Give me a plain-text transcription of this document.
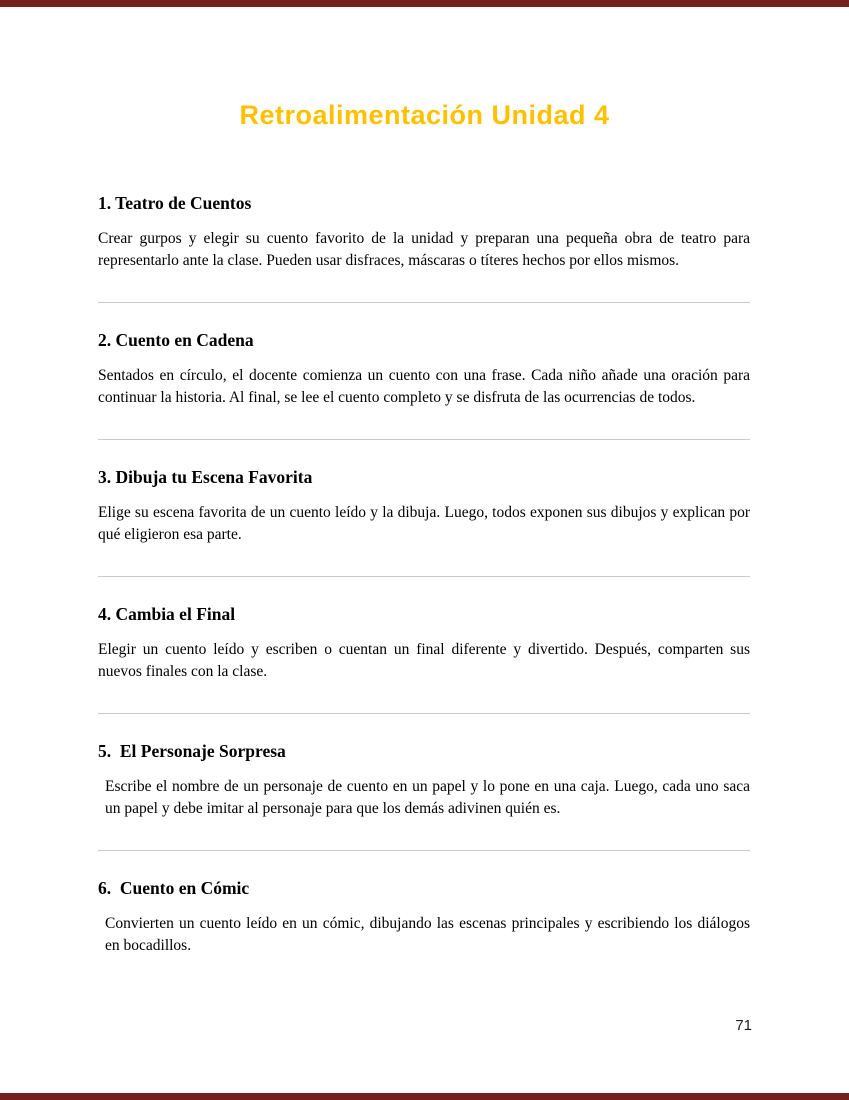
Retroalimentación Unidad 4
1. Teatro de Cuentos

Crear gurpos y elegir su cuento favorito de la unidad y preparan una pequeña obra de teatro para representarlo ante la clase. Pueden usar disfraces, máscaras o títeres hechos por ellos mismos.

2. Cuento en Cadena

Sentados en círculo, el docente comienza un cuento con una frase. Cada niño añade una oración para continuar la historia. Al final, se lee el cuento completo y se disfruta de las ocurrencias de todos.

3. Dibuja tu Escena Favorita

Elige su escena favorita de un cuento leído y la dibuja. Luego, todos exponen sus dibujos y explican por qué eligieron esa parte.

4. Cambia el Final

Elegir un cuento leído y escriben o cuentan un final diferente y divertido. Después, comparten sus nuevos finales con la clase.

5.  El Personaje Sorpresa

Escribe el nombre de un personaje de cuento en un papel y lo pone en una caja. Luego, cada uno saca un papel y debe imitar al personaje para que los demás adivinen quién es.

6.  Cuento en Cómic

Convierten un cuento leído en un cómic, dibujando las escenas principales y escribiendo los diálogos en bocadillos.

71
